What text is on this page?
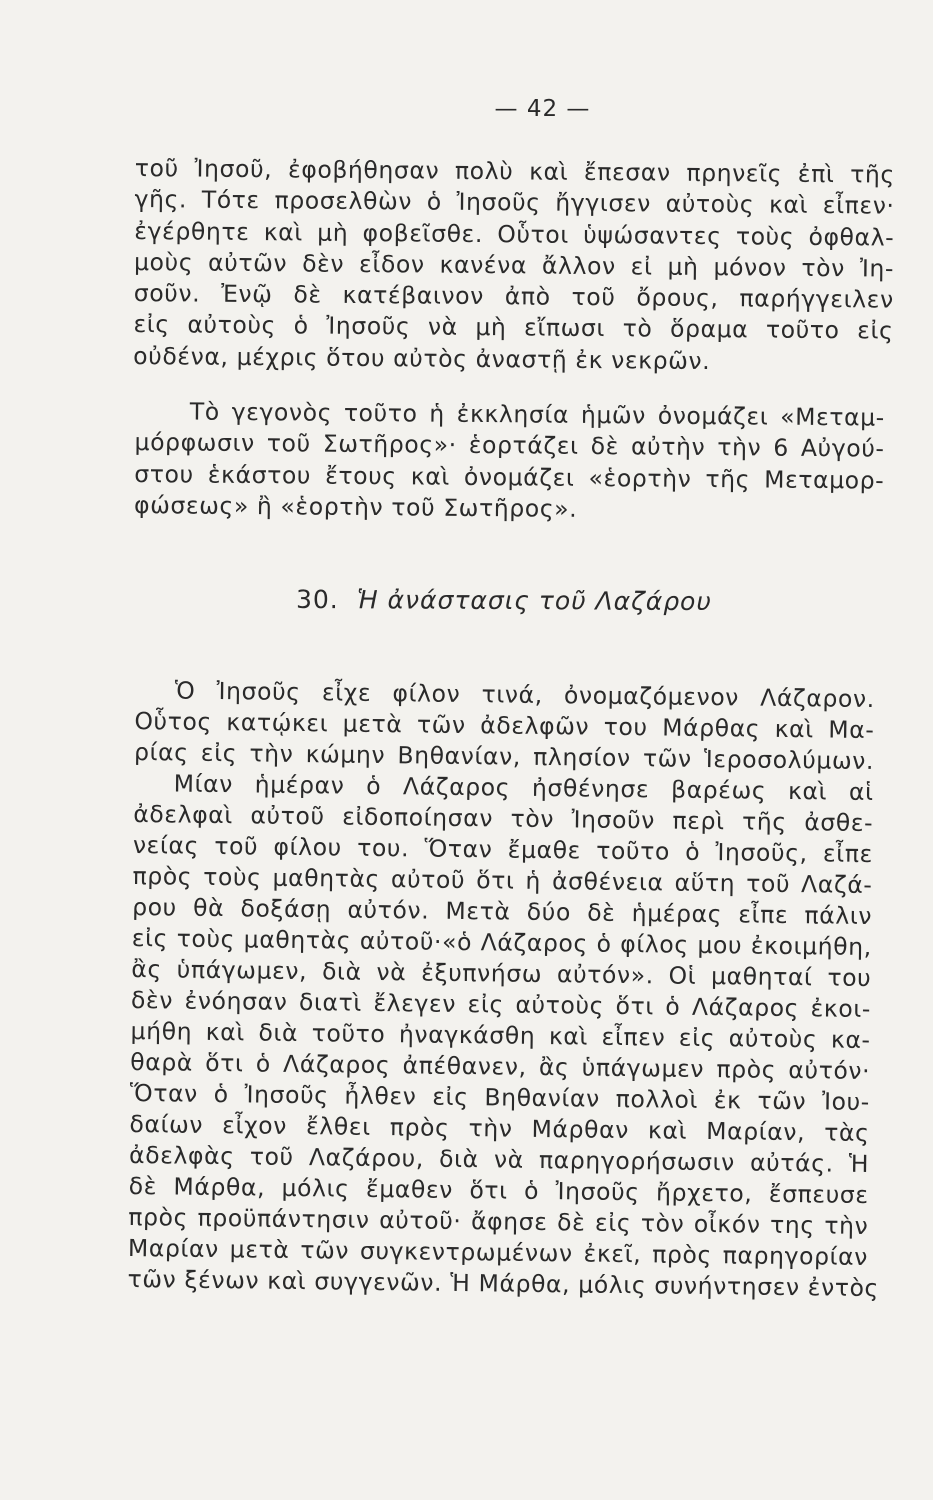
— 42 —
τοῦ Ἰησοῦ, ἐφοβήθησαν πολὺ καὶ ἔπεσαν πρηνεῖς ἐπὶ τῆς
γῆς. Τότε προσελθὼν ὁ Ἰησοῦς ἤγγισεν αὐτοὺς καὶ εἶπεν·
ἐγέρθητε καὶ μὴ φοβεῖσθε. Οὗτοι ὑψώσαντες τοὺς ὀφθαλ-
μοὺς αὐτῶν δὲν εἶδον κανένα ἄλλον εἰ μὴ μόνον τὸν Ἰη-
σοῦν. Ἐνῷ δὲ κατέβαινον ἀπὸ τοῦ ὄρους, παρήγγειλεν
εἰς αὐτοὺς ὁ Ἰησοῦς νὰ μὴ εἴπωσι τὸ ὅραμα τοῦτο εἰς
οὐδένα, μέχρις ὅτου αὐτὸς ἀναστῇ ἐκ νεκρῶν.
Τὸ γεγονὸς τοῦτο ἡ ἐκκλησία ἡμῶν ὀνομάζει «Μεταμ-
μόρφωσιν τοῦ Σωτῆρος»· ἑορτάζει δὲ αὐτὴν τὴν 6 Αὐγού-
στου ἑκάστου ἔτους καὶ ὀνομάζει «ἑορτὴν τῆς Μεταμορ-
φώσεως» ἢ «ἑορτὴν τοῦ Σωτῆρος».
30. Ἡ ἀνάστασις τοῦ Λαζάρου
Ὁ Ἰησοῦς εἶχε φίλον τινά, ὀνομαζόμενον Λάζαρον.
Οὗτος κατῴκει μετὰ τῶν ἀδελφῶν του Μάρθας καὶ Μα-
ρίας εἰς τὴν κώμην Βηθανίαν, πλησίον τῶν Ἱεροσολύμων.
Μίαν ἡμέραν ὁ Λάζαρος ἠσθένησε βαρέως καὶ αἱ
ἀδελφαὶ αὐτοῦ εἰδοποίησαν τὸν Ἰησοῦν περὶ τῆς ἀσθε-
νείας τοῦ φίλου του. Ὅταν ἔμαθε τοῦτο ὁ Ἰησοῦς, εἶπε
πρὸς τοὺς μαθητὰς αὐτοῦ ὅτι ἡ ἀσθένεια αὕτη τοῦ Λαζά-
ρου θὰ δοξάσῃ αὐτόν. Μετὰ δύο δὲ ἡμέρας εἶπε πάλιν
εἰς τοὺς μαθητὰς αὐτοῦ·«ὁ Λάζαρος ὁ φίλος μου ἐκοιμήθη,
ἂς ὑπάγωμεν, διὰ νὰ ἐξυπνήσω αὐτόν». Οἱ μαθηταί του
δὲν ἐνόησαν διατὶ ἔλεγεν εἰς αὐτοὺς ὅτι ὁ Λάζαρος ἐκοι-
μήθη καὶ διὰ τοῦτο ἠναγκάσθη καὶ εἶπεν εἰς αὐτοὺς κα-
θαρὰ ὅτι ὁ Λάζαρος ἀπέθανεν, ἂς ὑπάγωμεν πρὸς αὐτόν·
Ὅταν ὁ Ἰησοῦς ἦλθεν εἰς Βηθανίαν πολλοὶ ἐκ τῶν Ἰου-
δαίων εἶχον ἔλθει πρὸς τὴν Μάρθαν καὶ Μαρίαν, τὰς
ἀδελφὰς τοῦ Λαζάρου, διὰ νὰ παρηγορήσωσιν αὐτάς. Ἡ
δὲ Μάρθα, μόλις ἔμαθεν ὅτι ὁ Ἰησοῦς ἤρχετο, ἔσπευσε
πρὸς προϋπάντησιν αὐτοῦ· ἄφησε δὲ εἰς τὸν οἶκόν της τὴν
Μαρίαν μετὰ τῶν συγκεντρωμένων ἐκεῖ, πρὸς παρηγορίαν
τῶν ξένων καὶ συγγενῶν. Ἡ Μάρθα, μόλις συνήντησεν ἐντὸς
